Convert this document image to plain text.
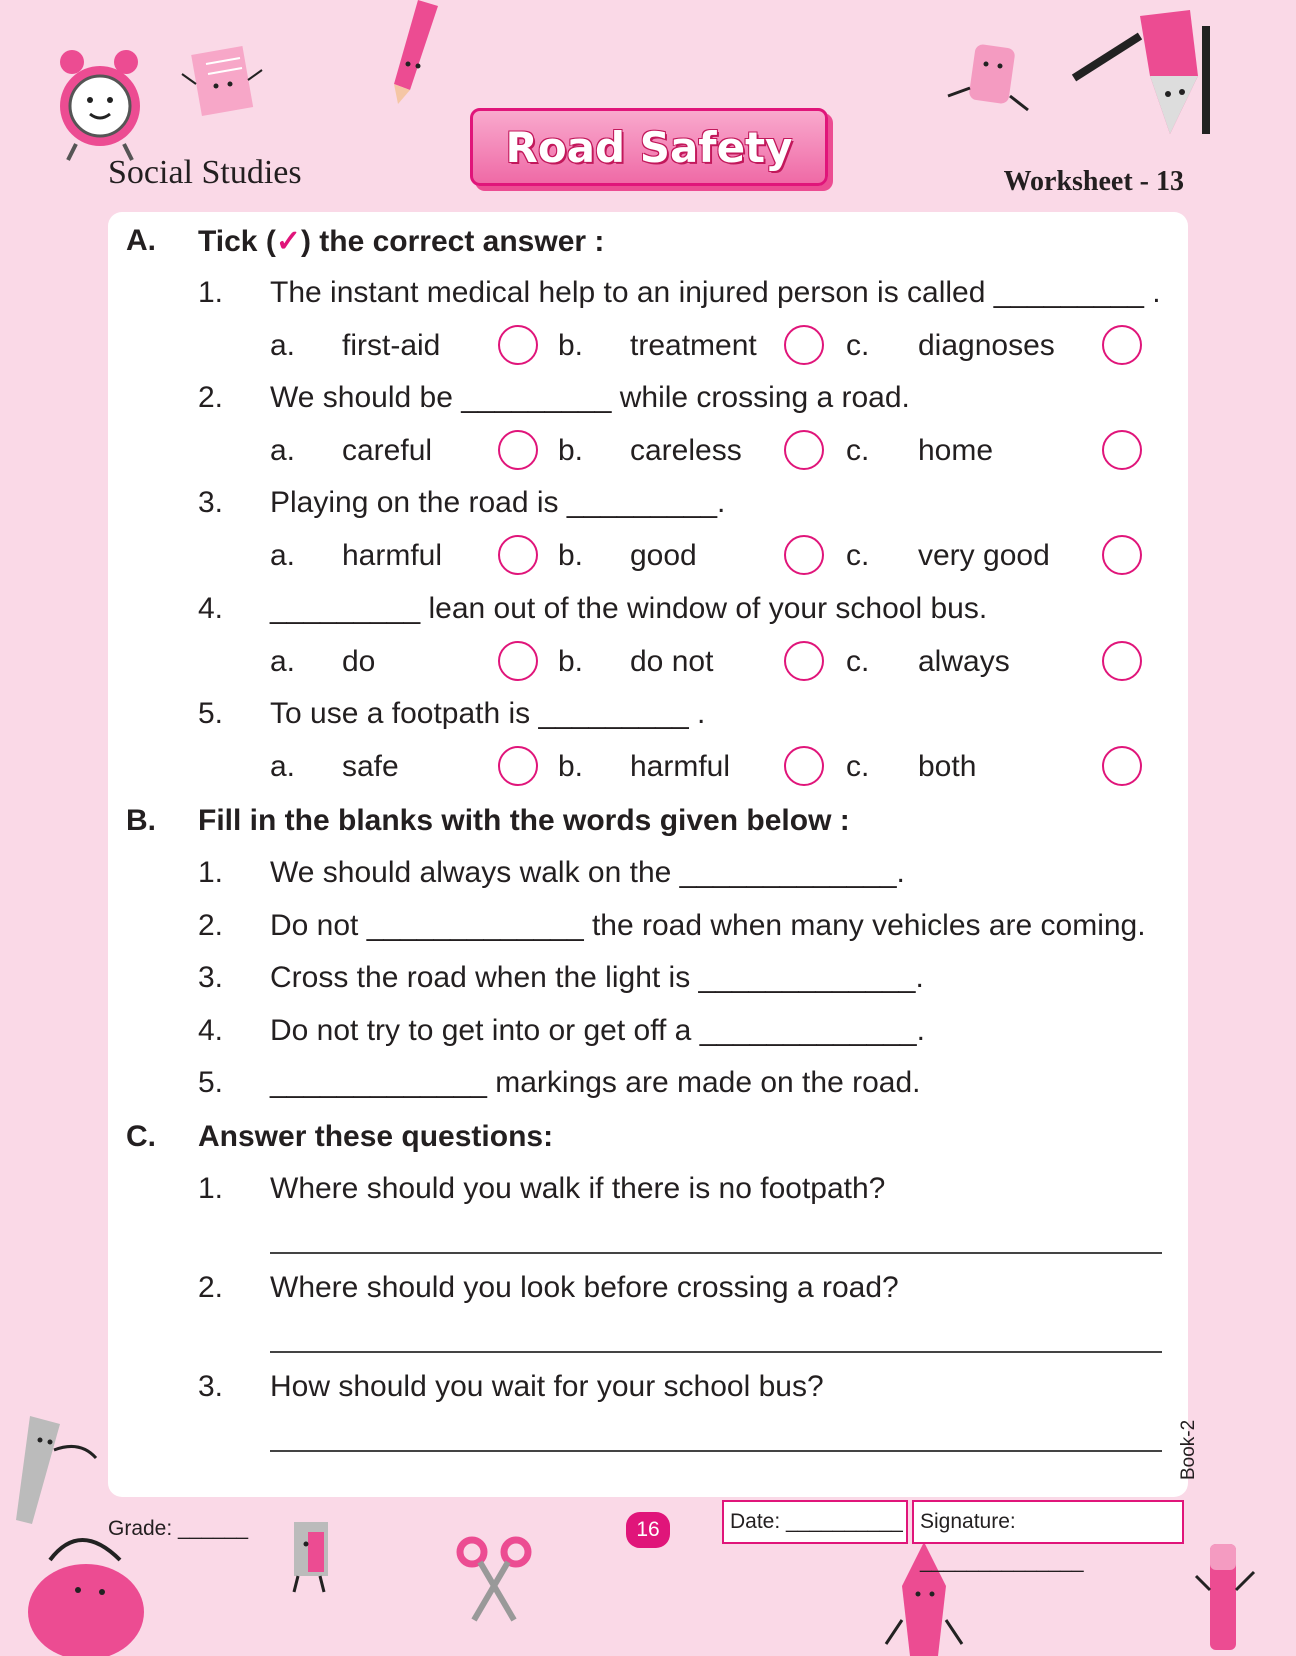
Social Studies
Road Safety
Worksheet - 13
A. Tick (✓) the correct answer :
1. The instant medical help to an injured person is called _________ .
a. first-aid	b. treatment	c. diagnoses
2. We should be _________ while crossing a road.
a. careful	b. careless	c. home
3. Playing on the road is _________.
a. harmful	b. good	c. very good
4. _________ lean out of the window of your school bus.
a. do	b. do not	c. always
5. To use a footpath is _________ .
a. safe	b. harmful	c. both
B. Fill in the blanks with the words given below :
1. We should always walk on the _____________.
2. Do not _____________ the road when many vehicles are coming.
3. Cross the road when the light is _____________.
4. Do not try to get into or get off a _____________.
5. _____________ markings are made on the road.
C. Answer these questions:
1. Where should you walk if there is no footpath?
2. Where should you look before crossing a road?
3. How should you wait for your school bus?
Book-2
Grade: ______	16	Date: __________ Signature: ______________
